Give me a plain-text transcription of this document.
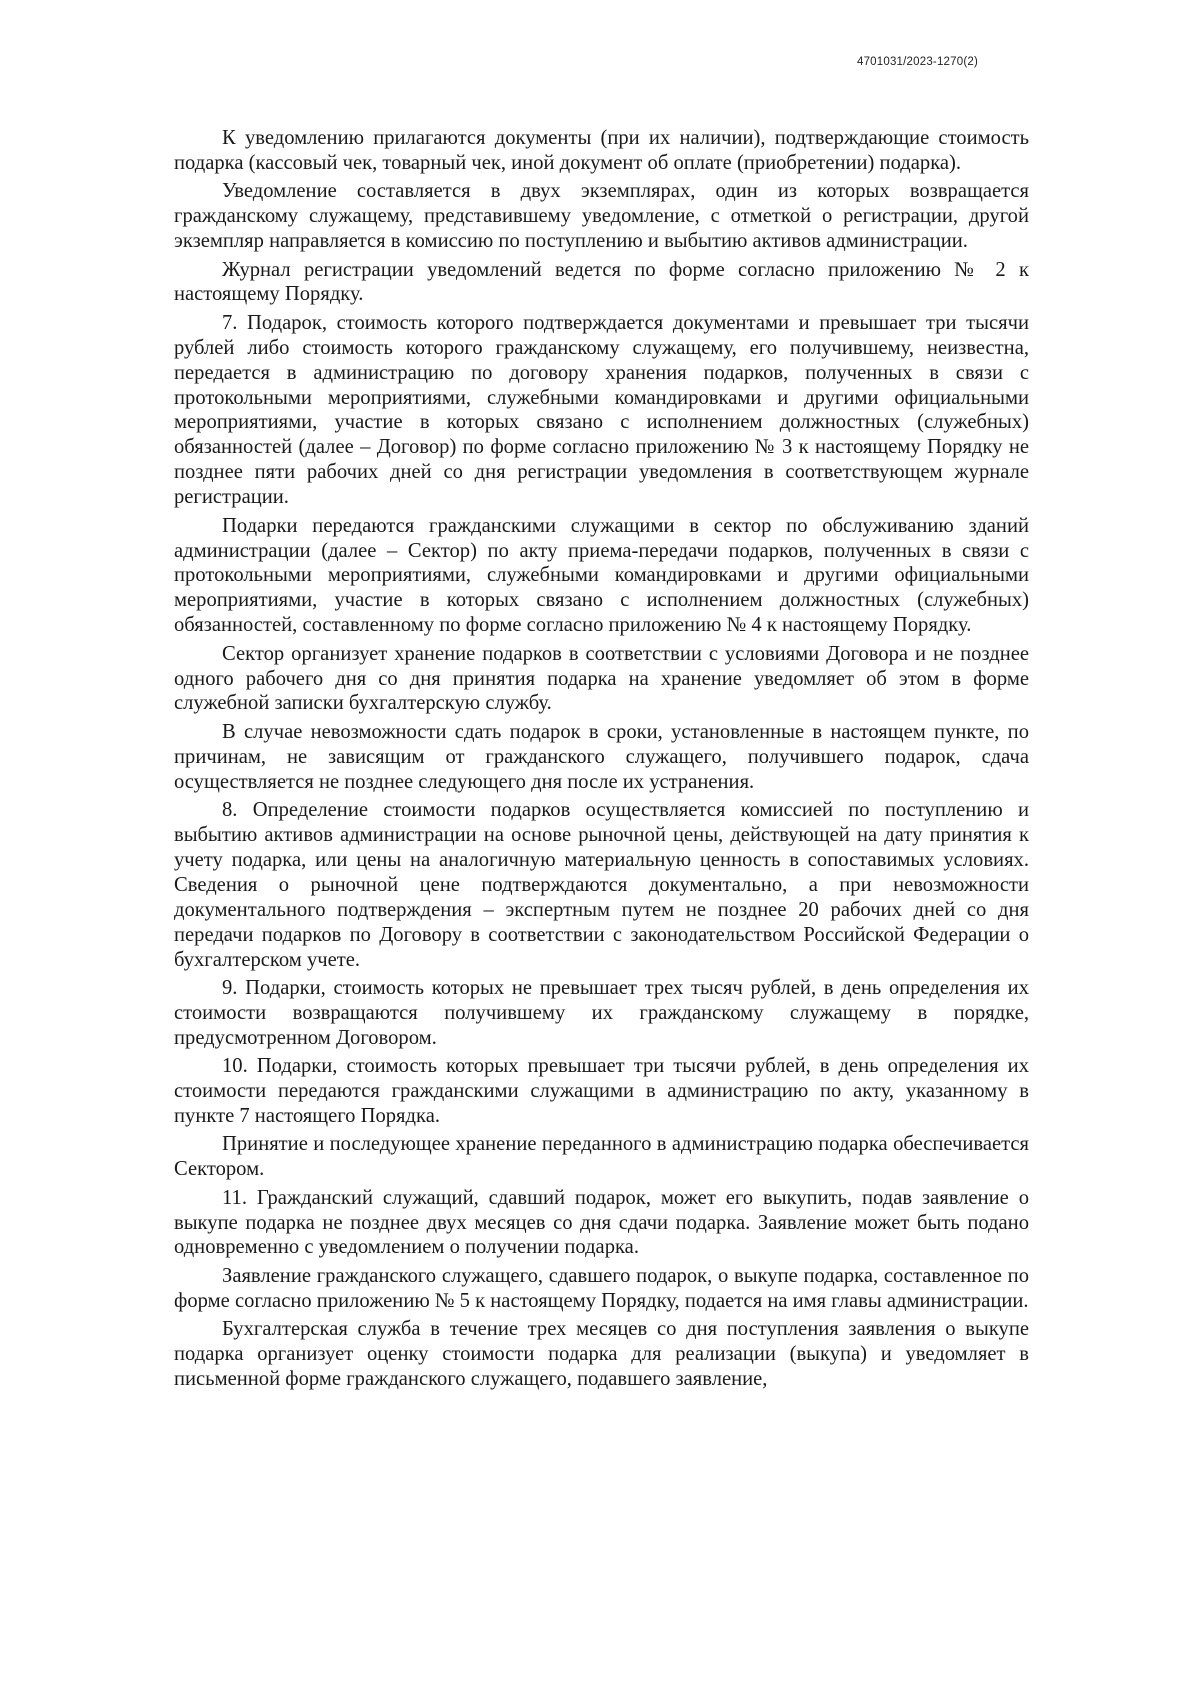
4701031/2023-1270(2)

К уведомлению прилагаются документы (при их наличии), подтверждающие стоимость подарка (кассовый чек, товарный чек, иной документ об оплате (приобретении) подарка).

Уведомление составляется в двух экземплярах, один из которых возвращается гражданскому служащему, представившему уведомление, с отметкой о регистрации, другой экземпляр направляется в комиссию по поступлению и выбытию активов администрации.

Журнал регистрации уведомлений ведется по форме согласно приложению № 2 к настоящему Порядку.

7. Подарок, стоимость которого подтверждается документами и превышает три тысячи рублей либо стоимость которого гражданскому служащему, его получившему, неизвестна, передается в администрацию по договору хранения подарков, полученных в связи с протокольными мероприятиями, служебными командировками и другими официальными мероприятиями, участие в которых связано с исполнением должностных (служебных) обязанностей (далее – Договор) по форме согласно приложению № 3 к настоящему Порядку не позднее пяти рабочих дней со дня регистрации уведомления в соответствующем журнале регистрации.

Подарки передаются гражданскими служащими в сектор по обслуживанию зданий администрации (далее – Сектор) по акту приема-передачи подарков, полученных в связи с протокольными мероприятиями, служебными командировками и другими официальными мероприятиями, участие в которых связано с исполнением должностных (служебных) обязанностей, составленному по форме согласно приложению № 4 к настоящему Порядку.

Сектор организует хранение подарков в соответствии с условиями Договора и не позднее одного рабочего дня со дня принятия подарка на хранение уведомляет об этом в форме служебной записки бухгалтерскую службу.

В случае невозможности сдать подарок в сроки, установленные в настоящем пункте, по причинам, не зависящим от гражданского служащего, получившего подарок, сдача осуществляется не позднее следующего дня после их устранения.

8. Определение стоимости подарков осуществляется комиссией по поступлению и выбытию активов администрации на основе рыночной цены, действующей на дату принятия к учету подарка, или цены на аналогичную материальную ценность в сопоставимых условиях. Сведения о рыночной цене подтверждаются документально, а при невозможности документального подтверждения – экспертным путем не позднее 20 рабочих дней со дня передачи подарков по Договору в соответствии с законодательством Российской Федерации о бухгалтерском учете.

9. Подарки, стоимость которых не превышает трех тысяч рублей, в день определения их стоимости возвращаются получившему их гражданскому служащему в порядке, предусмотренном Договором.

10. Подарки, стоимость которых превышает три тысячи рублей, в день определения их стоимости передаются гражданскими служащими в администрацию по акту, указанному в пункте 7 настоящего Порядка.

Принятие и последующее хранение переданного в администрацию подарка обеспечивается Сектором.

11. Гражданский служащий, сдавший подарок, может его выкупить, подав заявление о выкупе подарка не позднее двух месяцев со дня сдачи подарка. Заявление может быть подано одновременно с уведомлением о получении подарка.

Заявление гражданского служащего, сдавшего подарок, о выкупе подарка, составленное по форме согласно приложению № 5 к настоящему Порядку, подается на имя главы администрации.

Бухгалтерская служба в течение трех месяцев со дня поступления заявления о выкупе подарка организует оценку стоимости подарка для реализации (выкупа) и уведомляет в письменной форме гражданского служащего, подавшего заявление,
